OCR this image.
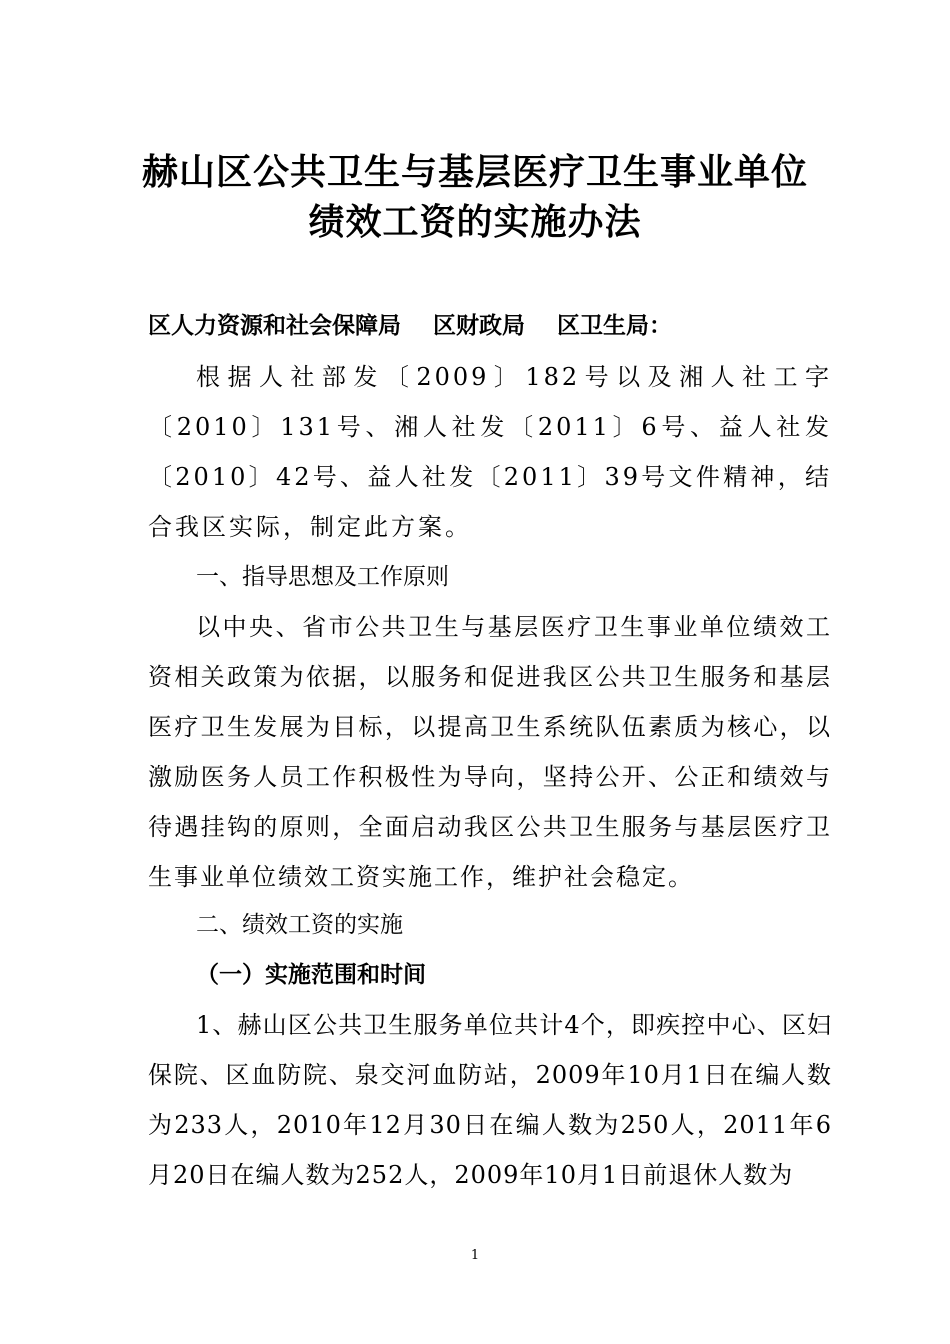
赫山区公共卫生与基层医疗卫生事业单位
绩效工资的实施办法
区人力资源和社会保障局    区财政局    区卫生局：

根据人社部发〔2009〕182号以及湘人社工字〔2010〕131号、湘人社发〔2011〕6号、益人社发〔2010〕42号、益人社发〔2011〕39号文件精神，结合我区实际，制定此方案。

一、指导思想及工作原则

以中央、省市公共卫生与基层医疗卫生事业单位绩效工资相关政策为依据，以服务和促进我区公共卫生服务和基层医疗卫生发展为目标，以提高卫生系统队伍素质为核心，以激励医务人员工作积极性为导向，坚持公开、公正和绩效与待遇挂钩的原则，全面启动我区公共卫生服务与基层医疗卫生事业单位绩效工资实施工作，维护社会稳定。

二、绩效工资的实施
（一）实施范围和时间

1、赫山区公共卫生服务单位共计4个，即疾控中心、区妇保院、区血防院、泉交河血防站，2009年10月1日在编人数为233人，2010年12月30日在编人数为250人，2011年6月20日在编人数为252人，2009年10月1日前退休人数为

1
